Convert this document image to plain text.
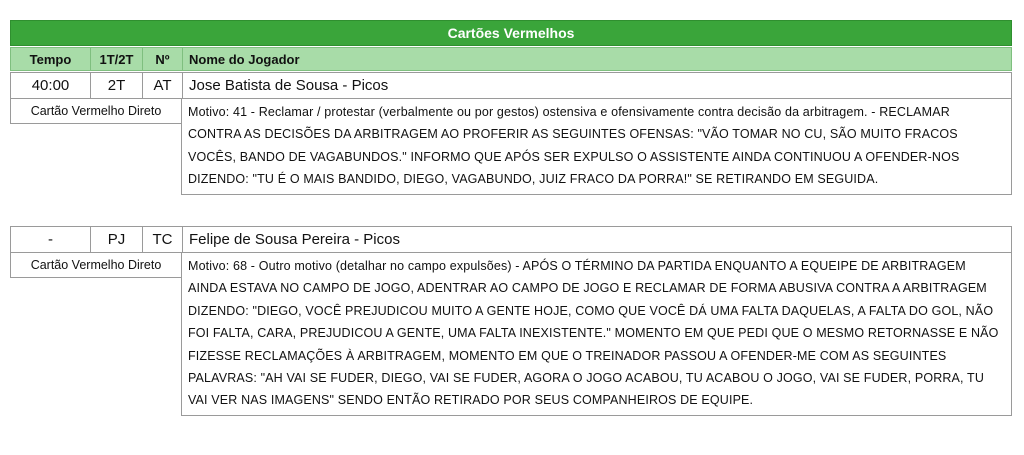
Cartões Vermelhos
Tempo	1T/2T	Nº	Nome do Jogador
40:00	2T	AT	Jose Batista de Sousa - Picos
Cartão Vermelho Direto	Motivo: 41 - Reclamar / protestar (verbalmente ou por gestos) ostensiva e ofensivamente contra decisão da arbitragem. - RECLAMAR CONTRA AS DECISÕES DA ARBITRAGEM AO PROFERIR AS SEGUINTES OFENSAS: "VÃO TOMAR NO CU, SÃO MUITO FRACOS VOCÊS, BANDO DE VAGABUNDOS." INFORMO QUE APÓS SER EXPULSO O ASSISTENTE AINDA CONTINUOU A OFENDER-NOS DIZENDO: "TU É O MAIS BANDIDO, DIEGO, VAGABUNDO, JUIZ FRACO DA PORRA!" SE RETIRANDO EM SEGUIDA.
-	PJ	TC	Felipe de Sousa Pereira - Picos
Cartão Vermelho Direto	Motivo: 68 - Outro motivo (detalhar no campo expulsões) - APÓS O TÉRMINO DA PARTIDA ENQUANTO A EQUEIPE DE ARBITRAGEM AINDA ESTAVA NO CAMPO DE JOGO, ADENTRAR AO CAMPO DE JOGO E RECLAMAR DE FORMA ABUSIVA CONTRA A ARBITRAGEM DIZENDO: "DIEGO, VOCÊ PREJUDICOU MUITO A GENTE HOJE, COMO QUE VOCÊ DÁ UMA FALTA DAQUELAS, A FALTA DO GOL, NÃO FOI FALTA, CARA, PREJUDICOU A GENTE, UMA FALTA INEXISTENTE." MOMENTO EM QUE PEDI QUE O MESMO RETORNASSE E NÃO FIZESSE RECLAMAÇÕES À ARBITRAGEM, MOMENTO EM QUE O TREINADOR PASSOU A OFENDER-ME COM AS SEGUINTES PALAVRAS: "AH VAI SE FUDER, DIEGO, VAI SE FUDER, AGORA O JOGO ACABOU, TU ACABOU O JOGO, VAI SE FUDER, PORRA, TU VAI VER NAS IMAGENS" SENDO ENTÃO RETIRADO POR SEUS COMPANHEIROS DE EQUIPE.
